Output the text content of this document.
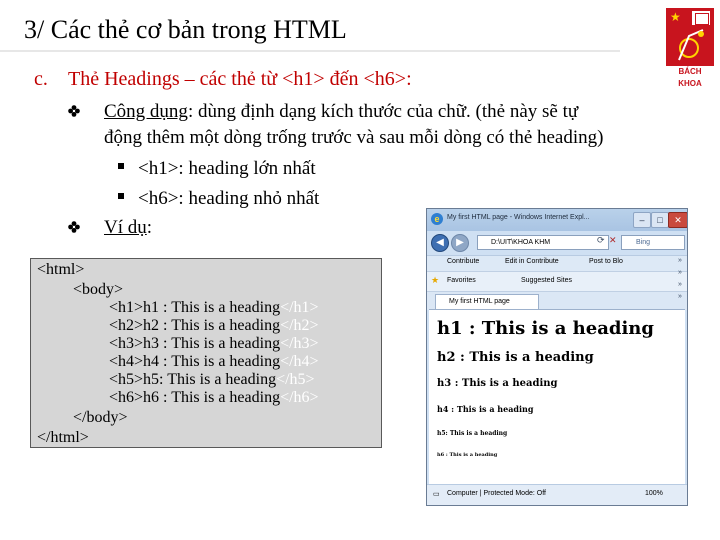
3/ Các thẻ cơ bản trong HTML	★
BÁCH KHOA
c. Thẻ Headings – các thẻ từ <h1> đến <h6>:
Công dụng: dùng định dạng kích thước của chữ. (thẻ này sẽ tự
động thêm một dòng trống trước và sau mỗi dòng có thẻ heading)
<h1>: heading lớn nhất
<h6>: heading nhỏ nhất
Ví dụ:
<html>
<body>
<h1>h1 : This is a heading</h1>
<h2>h2 : This is a heading</h2>
<h3>h3 : This is a heading</h3>
<h4>h4 : This is a heading</h4>
<h5>h5: This is a heading</h5>
<h6>h6 : This is a heading</h6>
</body>
</html>
e	My first HTML page - Windows Internet Expl...	–	□	✕
◀	▶	D:\UIT\KHOA KHM	⟳ ✕	Bing
Contribute	Edit in Contribute	Post to Blo
★ Favorites	Suggested Sites
My first HTML page
»
»
»
»
h1 : This is a heading
h2 : This is a heading
h3 : This is a heading
h4 : This is a heading
h5: This is a heading
h6 : This is a heading
▭ Computer | Protected Mode: Off	100%
